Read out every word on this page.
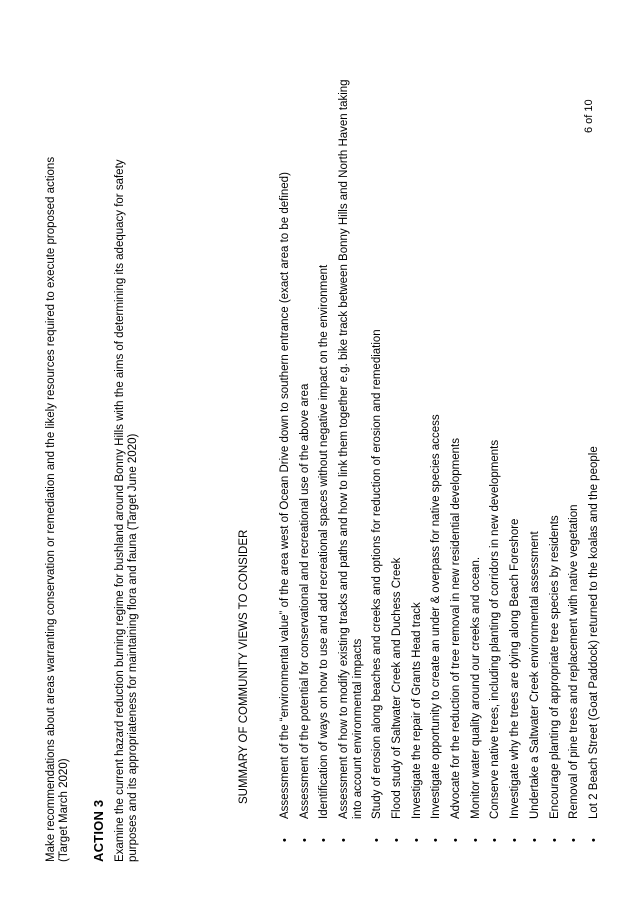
Make recommendations about areas warranting conservation or remediation and the likely resources required to execute proposed actions (Target March 2020) ACTION 3 Examine the current hazard reduction burning regime for bushland around Bonny Hills with the aims of determining its adequacy for safety purposes and its appropriateness for maintaining flora and fauna (Target June 2020)	SUMMARY OF COMMUNITY VIEWS TO CONSIDER
•
Assessment of the “environmental value” of the area west of Ocean Drive down to southern entrance (exact area to be defined)
•
Assessment of the potential for conservational and recreational use of the above area
•
Identification of ways on how to use and add recreational spaces without negative impact on the environment
•
Assessment of how to modify existing tracks and paths and how to link them together e.g. bike track between Bonny Hills and North Haven taking into account environmental impacts
•
Study of erosion along beaches and creeks and options for reduction of erosion and remediation
•
Flood study of Saltwater Creek and Duchess Creek
•
Investigate the repair of Grants Head track
•
Investigate opportunity to create an under & overpass for native species access
•
Advocate for the reduction of tree removal in new residential developments
•
Monitor water quality around our creeks and ocean.
•
Conserve native trees, including planting of corridors in new developments
•
Investigate why the trees are dying along Beach Foreshore
•
Undertake a Saltwater Creek environmental assessment
•
Encourage planting of appropriate tree species by residents
•
Removal of pine trees and replacement with native vegetation
•
Lot 2 Beach Street (Goat Paddock) returned to the koalas and the people
6 of 10
